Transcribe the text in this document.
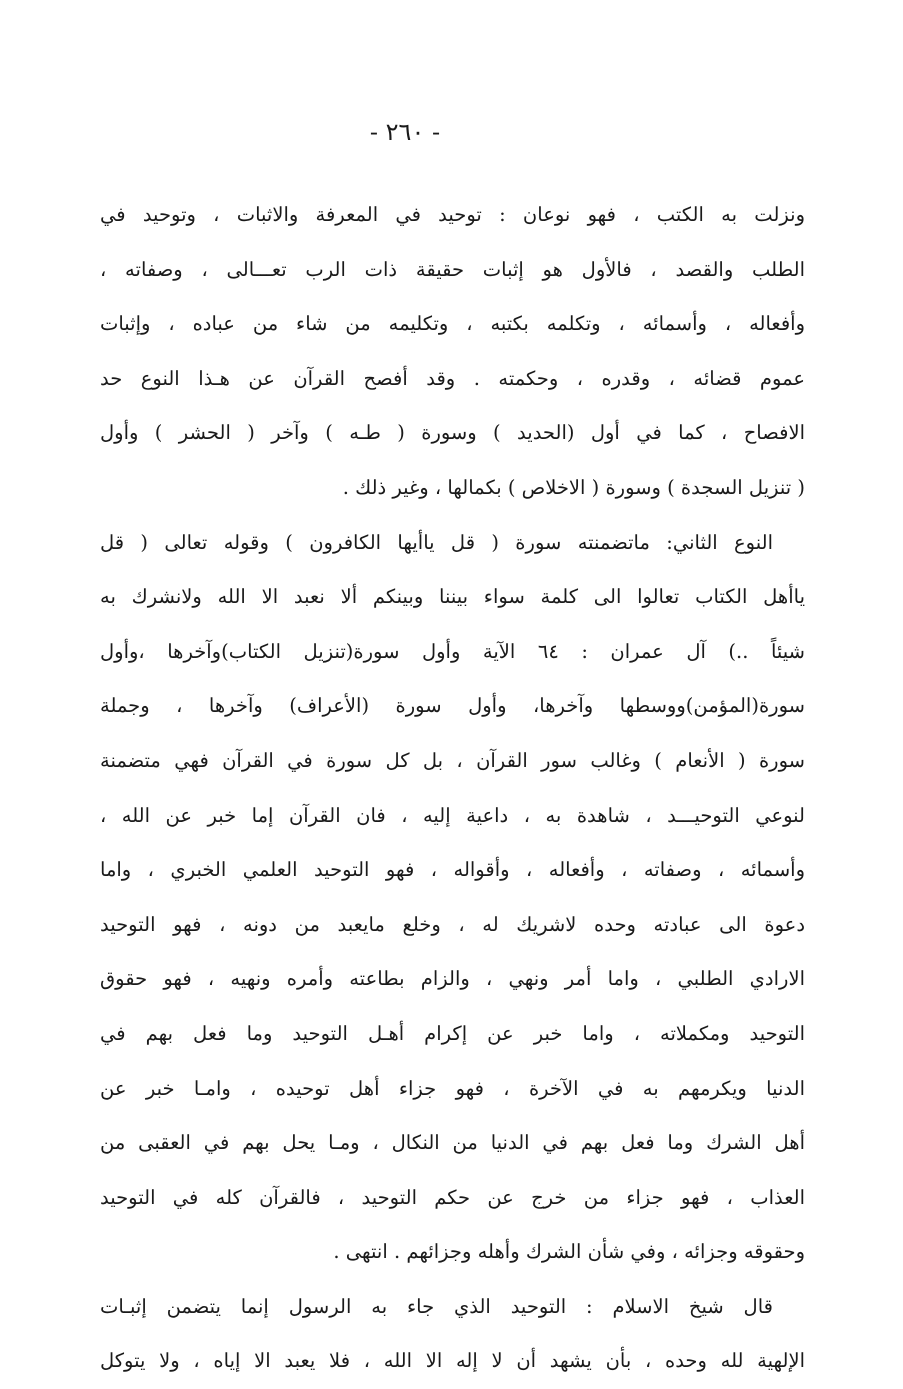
- ٢٦٠ -
ونزلت به الكتب ، فهو نوعان : توحيد في المعرفة والاثبات ، وتوحيد في
الطلب والقصد ، فالأول هو إثبات حقيقة ذات الرب تعـــالى ، وصفاته ،
وأفعاله ، وأسمائه ، وتكلمه بكتبه ، وتكليمه من شاء من عباده ، وإثبات
عموم قضائه ، وقدره ، وحكمته . وقد أفصح القرآن عن هـذا النوع حد
الافصاح ، كما في أول (الحديد ) وسورة ( طـه ) وآخر ( الحشر ) وأول
( تنزيل السجدة ) وسورة ( الاخلاص ) بكمالها ، وغير ذلك .
النوع الثاني: ماتضمنته سورة ( قل ياأيها الكافرون ) وقوله تعالى ( قل
ياأهل الكتاب تعالوا الى كلمة سواء بيننا وبينكم ألا نعبد الا الله ولانشرك به
شيئاً ..) آل عمران : ٦٤ الآية وأول سورة(تنزيل الكتاب)وآخرها ،وأول
سورة(المؤمن)ووسطها وآخرها، وأول سورة (الأعراف) وآخرها ، وجملة
سورة ( الأنعام ) وغالب سور القرآن ، بل كل سورة في القرآن فهي متضمنة
لنوعي التوحيـــد ، شاهدة به ، داعية إليه ، فان القرآن إما خبر عن الله ،
وأسمائه ، وصفاته ، وأفعاله ، وأقواله ، فهو التوحيد العلمي الخبري ، واما
دعوة الى عبادته وحده لاشريك له ، وخلع مايعبد من دونه ، فهو التوحيد
الارادي الطلبي ، واما أمر ونهي ، والزام بطاعته وأمره ونهيه ، فهو حقوق
التوحيد ومكملاته ، واما خبر عن إكرام أهـل التوحيد وما فعل بهم في
الدنيا ويكرمهم به في الآخرة ، فهو جزاء أهل توحيده ، وامـا خبر عن
أهل الشرك وما فعل بهم في الدنيا من النكال ، ومـا يحل بهم في العقبى من
العذاب ، فهو جزاء من خرج عن حكم التوحيد ، فالقرآن كله في التوحيد
وحقوقه وجزائه ، وفي شأن الشرك وأهله وجزائهم . انتهى .
قال شيخ الاسلام : التوحيد الذي جاء به الرسول إنما يتضمن إثبـات
الإلهية لله وحده ، بأن يشهد أن لا إله الا الله ، فلا يعبد الا إياه ، ولا يتوكل
